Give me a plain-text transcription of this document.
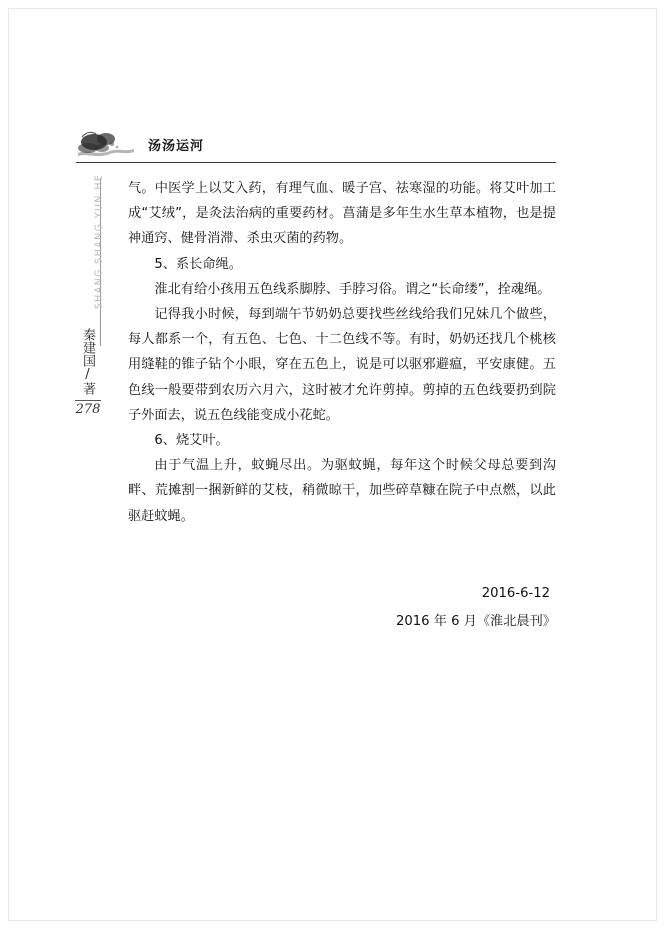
汤汤运河
SHANG SHANG YUN HE
秦建国/著
278

气。中医学上以艾入药，有理气血、暖子宫、祛寒湿的功能。将艾叶加工成“艾绒”，是灸法治病的重要药材。菖蒲是多年生水生草本植物，也是提神通窍、健骨消滞、杀虫灭菌的药物。

5、系长命绳。

淮北有给小孩用五色线系脚脖、手脖习俗。谓之“长命缕”，拴魂绳。

记得我小时候，每到端午节奶奶总要找些丝线给我们兄妹几个做些，每人都系一个，有五色、七色、十二色线不等。有时，奶奶还找几个桃核用缝鞋的锥子钻个小眼，穿在五色上，说是可以驱邪避瘟，平安康健。五色线一般要带到农历六月六，这时被才允许剪掉。剪掉的五色线要扔到院子外面去，说五色线能变成小花蛇。

6、烧艾叶。

由于气温上升，蚊蝇尽出。为驱蚊蝇，每年这个时候父母总要到沟畔、荒摊割一捆新鲜的艾枝，稍微晾干，加些碎草糠在院子中点燃，以此驱赶蚊蝇。

2016-6-12
2016 年 6 月《淮北晨刊》
